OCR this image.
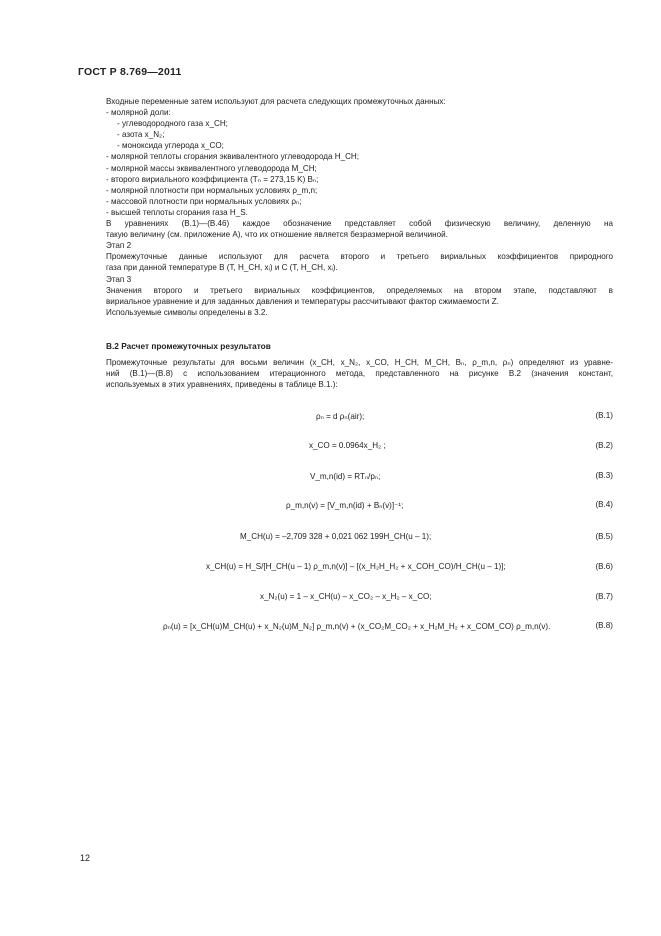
ГОСТ Р 8.769—2011
Входные переменные затем используют для расчета следующих промежуточных данных:
- молярной доли:
- углеводородного газа x_CH;
- азота x_N₂;
- моноксида углерода x_CO;
- молярной теплоты сгорания эквивалентного углеводорода H_CH;
- молярной массы эквивалентного углеводорода M_CH;
- второго вириального коэффициента (Tₙ = 273,15 K) Bₙ;
- молярной плотности при нормальных условиях ρ_m,n;
- массовой плотности при нормальных условиях ρₙ;
- высшей теплоты сгорания газа H_S.
В уравнениях (В.1)—(В.46) каждое обозначение представляет собой физическую величину, деленную на
такую величину (см. приложение А), что их отношение является безразмерной величиной.
Этап 2
Промежуточные данные используют для расчета второго и третьего вириальных коэффициентов природного
газа при данной температуре B (T, H_CH, xᵢ) и C (T, H_CH, xᵢ).
Этап 3
Значения второго и третьего вириальных коэффициентов, определяемых на втором этапе, подставляют в
вириальное уравнение и для заданных давления и температуры рассчитывают фактор сжимаемости Z.
Используемые символы определены в 3.2.
В.2 Расчет промежуточных результатов
Промежуточные результаты для восьми величин (x_CH, x_N₂, x_CO, H_CH, M_CH, Bₙ, ρ_m,n, ρₙ) определяют из уравне-
ний (В.1)—(В.8) с использованием итерационного метода, представленного на рисунке В.2 (значения констант,
используемых в этих уравнениях, приведены в таблице В.1.):
ρₙ = d ρₙ(air);	(В.1)
x_CO = 0.0964x_H₂ ;	(В.2)
V_m,n(id) = RTₙ/pₙ;	(В.3)
ρ_m,n(v) = [V_m,n(id) + Bₙ(v)]⁻¹;	(В.4)
M_CH(u) = –2,709 328 + 0,021 062 199H_CH(u – 1);	(В.5)
x_CH(u) = H_S/[H_CH(u – 1) ρ_m,n(v)] – [(x_H₂H_H₂ + x_COH_CO)/H_CH(u – 1)];	(В.6)
x_N₂(u) = 1 – x_CH(u) – x_CO₂ – x_H₂ – x_CO;	(В.7)
ρₙ(u) = [x_CH(u)M_CH(u) + x_N₂(u)M_N₂] ρ_m,n(v) + (x_CO₂M_CO₂ + x_H₂M_H₂ + x_COM_CO) ρ_m,n(v).	(В.8)
12
